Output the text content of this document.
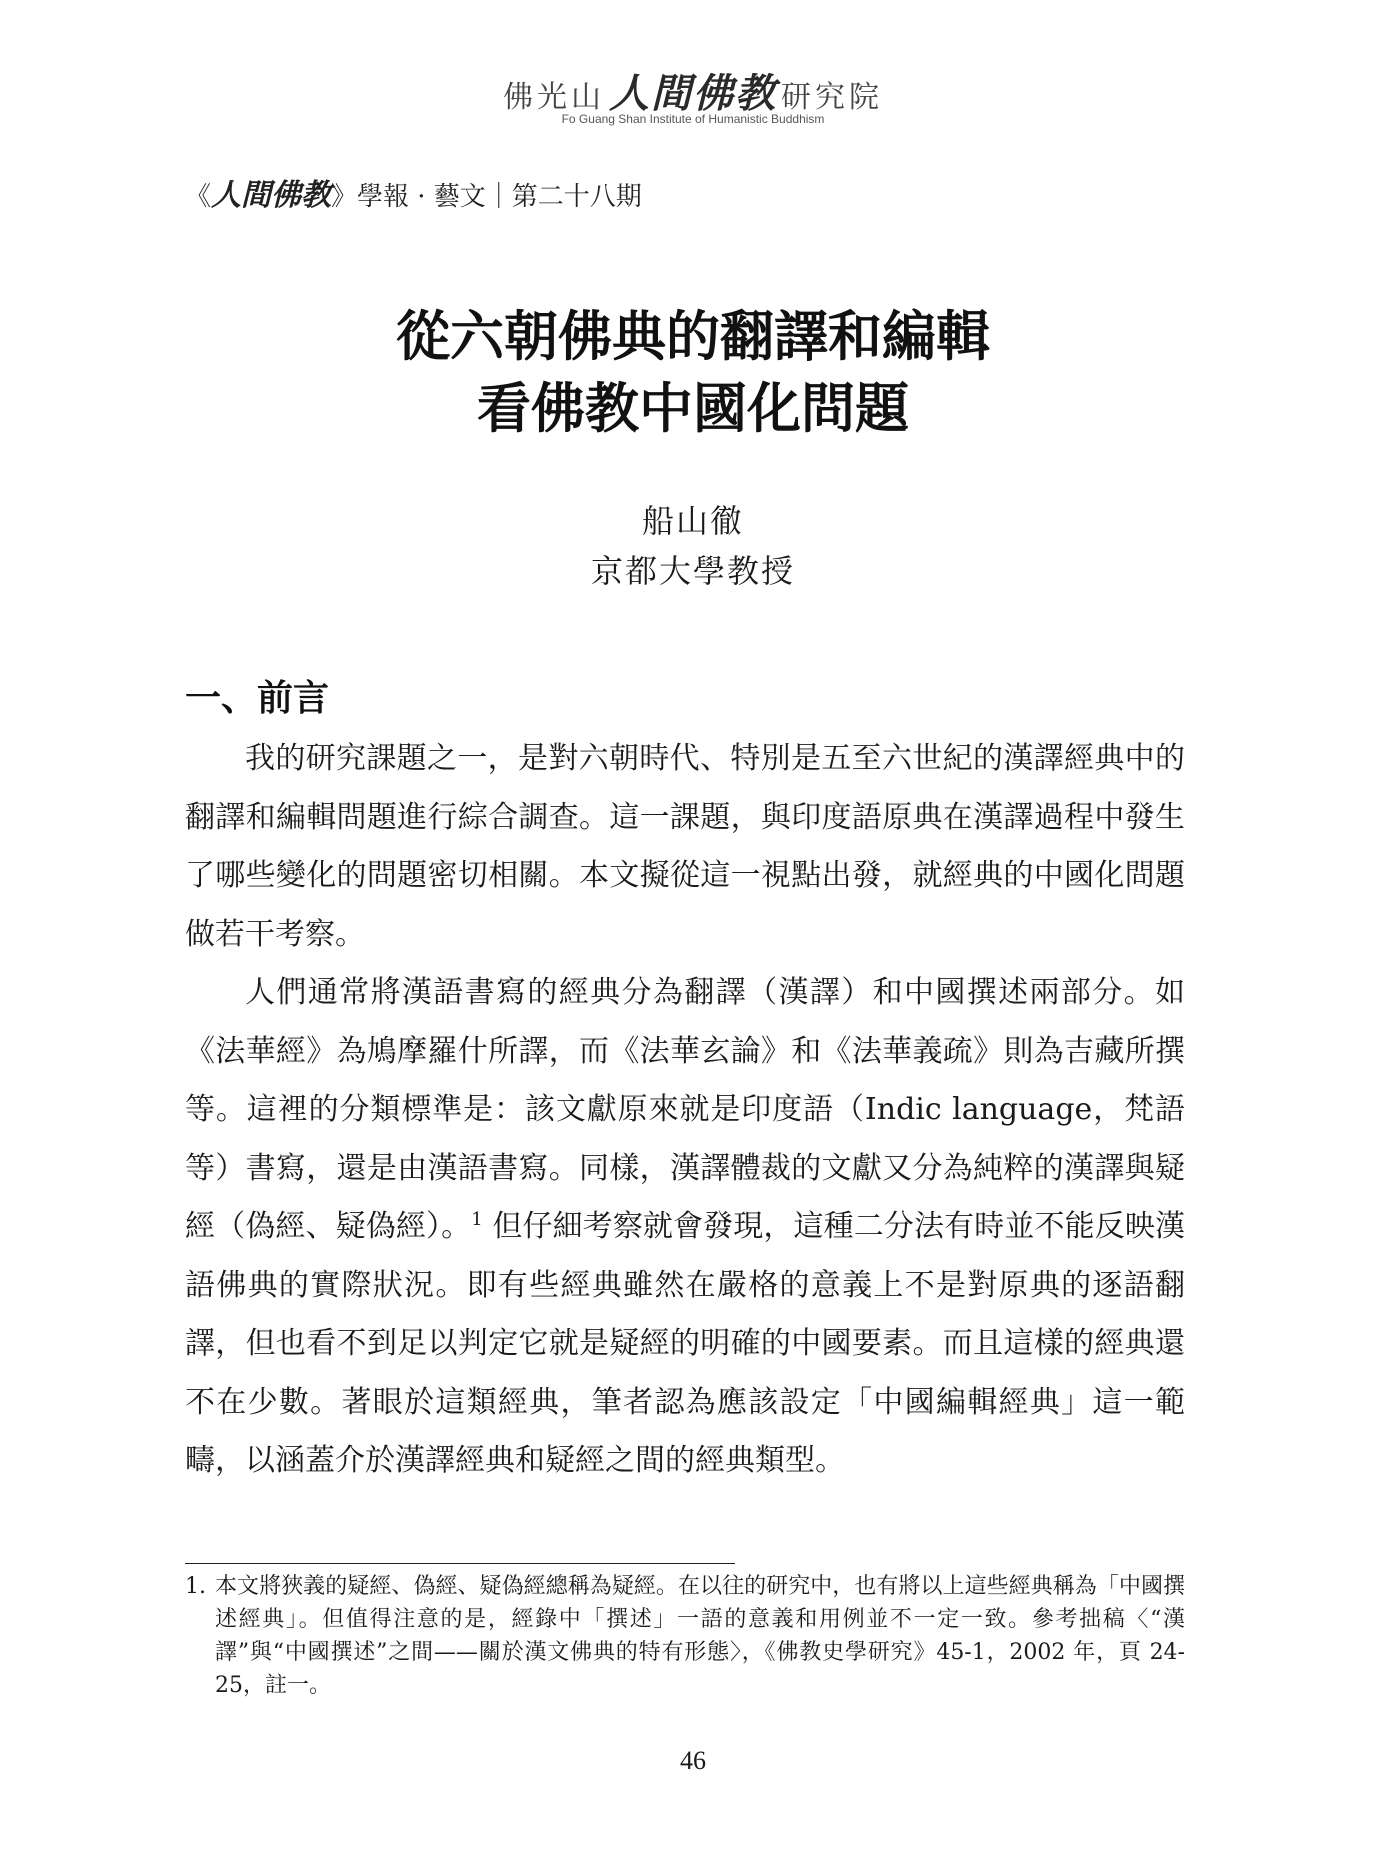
佛光山 人間佛教 研究院
Fo Guang Shan Institute of Humanistic Buddhism
《人間佛教》學報 · 藝文｜第二十八期
從六朝佛典的翻譯和編輯
看佛教中國化問題
船山徹
京都大學教授
一、前言

我的研究課題之一，是對六朝時代、特別是五至六世紀的漢譯經典中的翻譯和編輯問題進行綜合調查。這一課題，與印度語原典在漢譯過程中發生了哪些變化的問題密切相關。本文擬從這一視點出發，就經典的中國化問題做若干考察。

人們通常將漢語書寫的經典分為翻譯（漢譯）和中國撰述兩部分。如《法華經》為鳩摩羅什所譯，而《法華玄論》和《法華義疏》則為吉藏所撰等。這裡的分類標準是：該文獻原來就是印度語（Indic language，梵語等）書寫，還是由漢語書寫。同樣，漢譯體裁的文獻又分為純粹的漢譯與疑經（偽經、疑偽經）。$^1$ 但仔細考察就會發現，這種二分法有時並不能反映漢語佛典的實際狀況。即有些經典雖然在嚴格的意義上不是對原典的逐語翻譯，但也看不到足以判定它就是疑經的明確的中國要素。而且這樣的經典還不在少數。著眼於這類經典，筆者認為應該設定「中國編輯經典」這一範疇，以涵蓋介於漢譯經典和疑經之間的經典類型。

1. 本文將狹義的疑經、偽經、疑偽經總稱為疑經。在以往的研究中，也有將以上這些經典稱為「中國撰述經典」。但值得注意的是，經錄中「撰述」一語的意義和用例並不一定一致。參考拙稿〈“漢譯”與“中國撰述”之間——關於漢文佛典的特有形態〉，《佛教史學研究》45-1，2002 年，頁 24-25，註一。
46
